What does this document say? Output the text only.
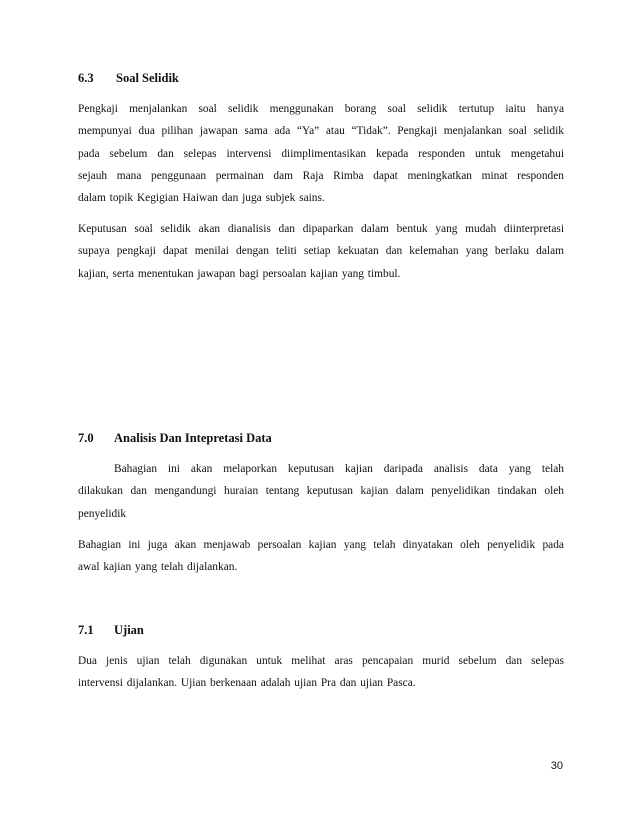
6.3	Soal Selidik
Pengkaji menjalankan soal selidik menggunakan borang soal selidik tertutup iaitu hanya
mempunyai dua pilihan jawapan sama ada “Ya” atau “Tidak”. Pengkaji menjalankan soal selidik
pada sebelum dan selepas intervensi diimplimentasikan kepada responden untuk mengetahui
sejauh mana penggunaan permainan dam Raja Rimba dapat meningkatkan minat responden
dalam topik Kegigian Haiwan dan juga subjek sains.
Keputusan soal selidik akan dianalisis dan dipaparkan dalam bentuk yang mudah diinterpretasi
supaya pengkaji dapat menilai dengan teliti setiap kekuatan dan kelemahan yang berlaku dalam
kajian, serta menentukan jawapan bagi persoalan kajian yang timbul.
7.0	Analisis Dan Intepretasi Data
Bahagian ini akan melaporkan keputusan kajian daripada analisis data yang telah
dilakukan dan mengandungi huraian tentang keputusan kajian dalam penyelidikan tindakan oleh
penyelidik
Bahagian ini juga akan menjawab persoalan kajian yang telah dinyatakan oleh penyelidik pada
awal kajian yang telah dijalankan.
7.1	Ujian
Dua jenis ujian telah digunakan untuk melihat aras pencapaian murid sebelum dan selepas
intervensi dijalankan. Ujian berkenaan adalah ujian Pra dan ujian Pasca.
30
